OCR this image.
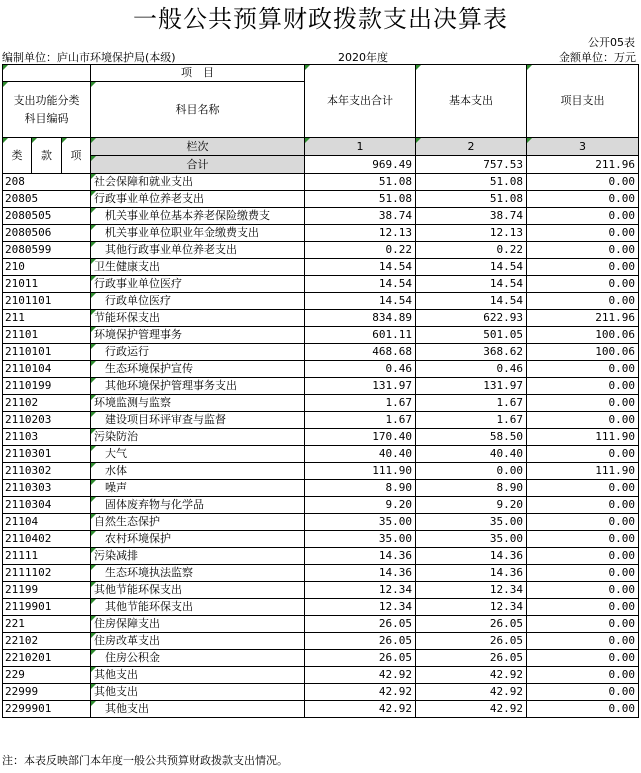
一般公共预算财政拨款支出决算表
公开05表
编制单位：庐山市环境保护局(本级)	2020年度	金额单位：万元
			项　目	本年支出合计	基本支出	项目支出
支出功能分类
科目编码			科目名称			

类	款	项	栏次	1	2	3
			合计	969.49	757.53	211.96
208			社会保障和就业支出	51.08	51.08	0.00
20805			行政事业单位养老支出	51.08	51.08	0.00
2080505			机关事业单位基本养老保险缴费支	38.74	38.74	0.00
2080506			机关事业单位职业年金缴费支出	12.13	12.13	0.00
2080599			其他行政事业单位养老支出	0.22	0.22	0.00
210			卫生健康支出	14.54	14.54	0.00
21011			行政事业单位医疗	14.54	14.54	0.00
2101101			行政单位医疗	14.54	14.54	0.00
211			节能环保支出	834.89	622.93	211.96
21101			环境保护管理事务	601.11	501.05	100.06
2110101			行政运行	468.68	368.62	100.06
2110104			生态环境保护宣传	0.46	0.46	0.00
2110199			其他环境保护管理事务支出	131.97	131.97	0.00
21102			环境监测与监察	1.67	1.67	0.00
2110203			建设项目环评审查与监督	1.67	1.67	0.00
21103			污染防治	170.40	58.50	111.90
2110301			大气	40.40	40.40	0.00
2110302			水体	111.90	0.00	111.90
2110303			噪声	8.90	8.90	0.00
2110304			固体废弃物与化学品	9.20	9.20	0.00
21104			自然生态保护	35.00	35.00	0.00
2110402			农村环境保护	35.00	35.00	0.00
21111			污染减排	14.36	14.36	0.00
2111102			生态环境执法监察	14.36	14.36	0.00
21199			其他节能环保支出	12.34	12.34	0.00
2119901			其他节能环保支出	12.34	12.34	0.00
221			住房保障支出	26.05	26.05	0.00
22102			住房改革支出	26.05	26.05	0.00
2210201			住房公积金	26.05	26.05	0.00
229			其他支出	42.92	42.92	0.00
22999			其他支出	42.92	42.92	0.00
2299901			其他支出	42.92	42.92	0.00
注：本表反映部门本年度一般公共预算财政拨款支出情况。
